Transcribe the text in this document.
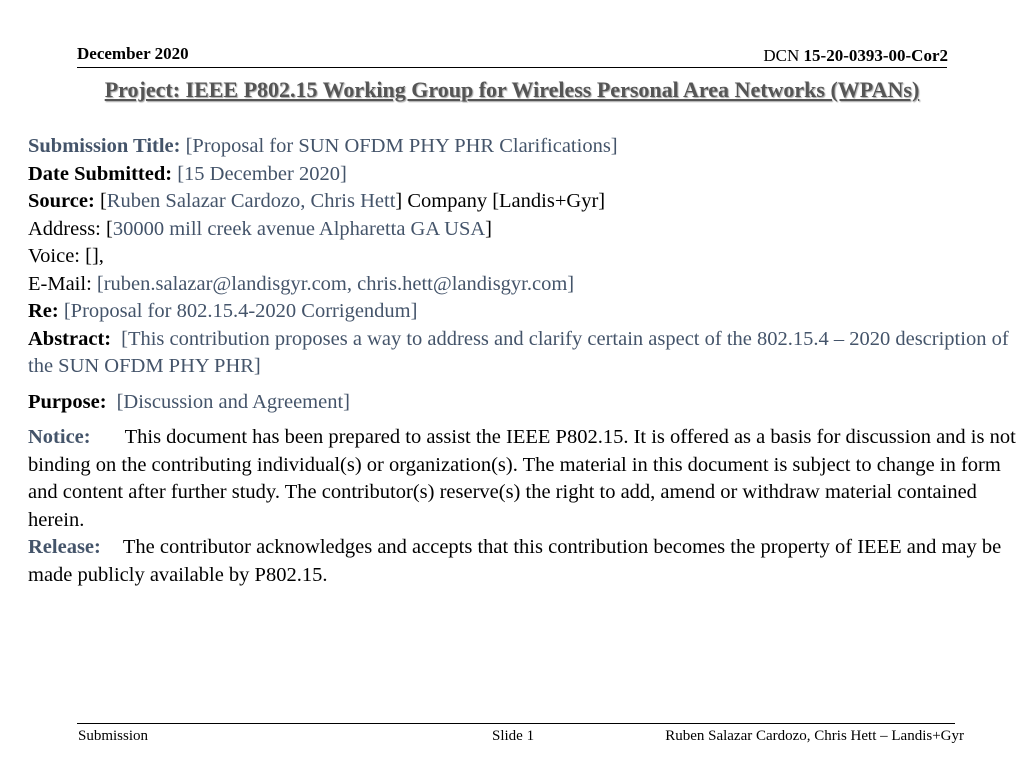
December 2020	DCN 15-20-0393-00-Cor2
Project: IEEE P802.15 Working Group for Wireless Personal Area Networks (WPANs)
Submission Title: [Proposal for SUN OFDM PHY PHR Clarifications]
Date Submitted: [15 December 2020]
Source: [Ruben Salazar Cardozo, Chris Hett] Company [Landis+Gyr]
Address: [30000 mill creek avenue Alpharetta GA USA]
Voice: [],
E-Mail: [ruben.salazar@landisgyr.com, chris.hett@landisgyr.com]
Re: [Proposal for 802.15.4-2020 Corrigendum]
Abstract: [This contribution proposes a way to address and clarify certain aspect of the 802.15.4 – 2020 description of the SUN OFDM PHY PHR]
Purpose: [Discussion and Agreement]
Notice: This document has been prepared to assist the IEEE P802.15. It is offered as a basis for discussion and is not binding on the contributing individual(s) or organization(s). The material in this document is subject to change in form and content after further study. The contributor(s) reserve(s) the right to add, amend or withdraw material contained herein.
Release: The contributor acknowledges and accepts that this contribution becomes the property of IEEE and may be made publicly available by P802.15.
Submission	Slide 1	Ruben Salazar Cardozo, Chris Hett – Landis+Gyr
